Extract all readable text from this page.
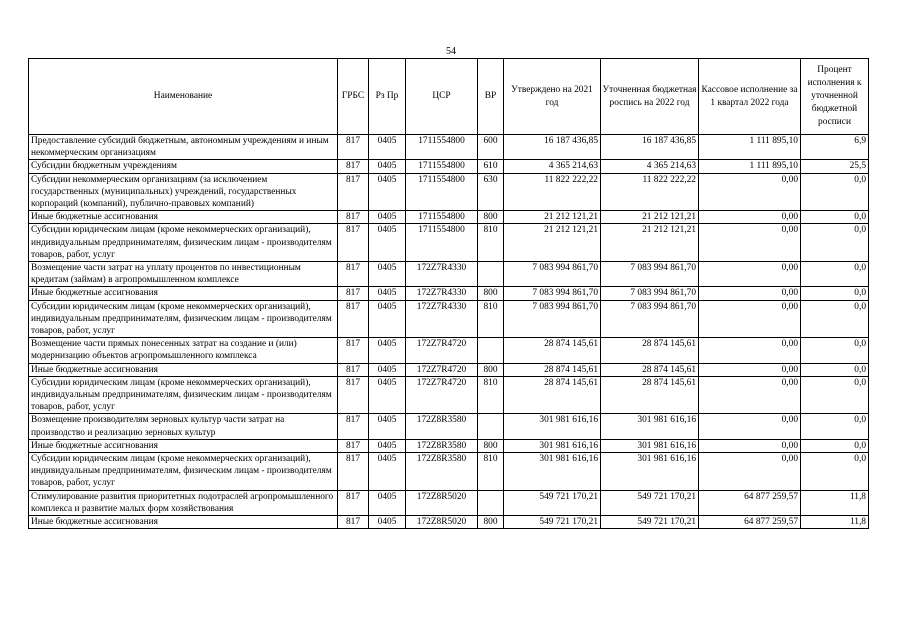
54
Наименование	ГРБС	Рз Пр	ЦСР	ВР	Утверждено на 2021 год	Уточненная бюджетная роспись на 2022 год	Кассовое исполнение за 1 квартал 2022 года	Процент исполнения к уточненной бюджетной росписи
Предоставление субсидий бюджетным, автономным учреждениям и иным некоммерческим организациям	817	0405	1711554800	600	16 187 436,85	16 187 436,85	1 111 895,10	6,9
Субсидии бюджетным учреждениям	817	0405	1711554800	610	4 365 214,63	4 365 214,63	1 111 895,10	25,5
Субсидии некоммерческим организациям (за исключением государственных (муниципальных) учреждений, государственных корпораций (компаний), публично-правовых компаний)	817	0405	1711554800	630	11 822 222,22	11 822 222,22	0,00	0,0
Иные бюджетные ассигнования	817	0405	1711554800	800	21 212 121,21	21 212 121,21	0,00	0,0
Субсидии юридическим лицам (кроме некоммерческих организаций), индивидуальным предпринимателям, физическим лицам - производителям товаров, работ, услуг	817	0405	1711554800	810	21 212 121,21	21 212 121,21	0,00	0,0
Возмещение части затрат на уплату процентов по инвестиционным кредитам (займам) в агропромышленном комплексе	817	0405	172Z7R4330		7 083 994 861,70	7 083 994 861,70	0,00	0,0
Иные бюджетные ассигнования	817	0405	172Z7R4330	800	7 083 994 861,70	7 083 994 861,70	0,00	0,0
Субсидии юридическим лицам (кроме некоммерческих организаций), индивидуальным предпринимателям, физическим лицам - производителям товаров, работ, услуг	817	0405	172Z7R4330	810	7 083 994 861,70	7 083 994 861,70	0,00	0,0
Возмещение части прямых понесенных затрат на создание и (или) модернизацию объектов агропромышленного комплекса	817	0405	172Z7R4720		28 874 145,61	28 874 145,61	0,00	0,0
Иные бюджетные ассигнования	817	0405	172Z7R4720	800	28 874 145,61	28 874 145,61	0,00	0,0
Субсидии юридическим лицам (кроме некоммерческих организаций), индивидуальным предпринимателям, физическим лицам - производителям товаров, работ, услуг	817	0405	172Z7R4720	810	28 874 145,61	28 874 145,61	0,00	0,0
Возмещение производителям зерновых культур части затрат на производство и реализацию зерновых культур	817	0405	172Z8R3580		301 981 616,16	301 981 616,16	0,00	0,0
Иные бюджетные ассигнования	817	0405	172Z8R3580	800	301 981 616,16	301 981 616,16	0,00	0,0
Субсидии юридическим лицам (кроме некоммерческих организаций), индивидуальным предпринимателям, физическим лицам - производителям товаров, работ, услуг	817	0405	172Z8R3580	810	301 981 616,16	301 981 616,16	0,00	0,0
Стимулирование развития приоритетных подотраслей агропромышленного комплекса и развитие малых форм хозяйствования	817	0405	172Z8R5020		549 721 170,21	549 721 170,21	64 877 259,57	11,8
Иные бюджетные ассигнования	817	0405	172Z8R5020	800	549 721 170,21	549 721 170,21	64 877 259,57	11,8
